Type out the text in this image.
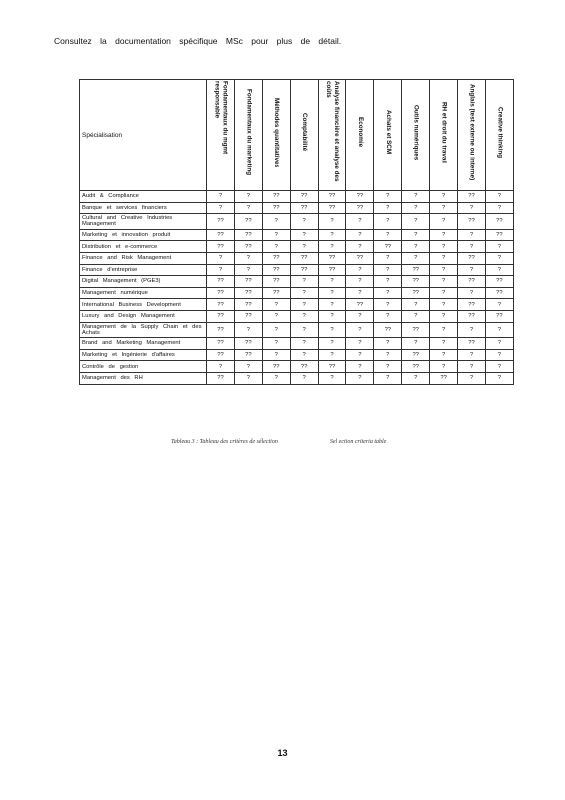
Consultez la documentation spécifique MSc pour plus de détail.
Spécialisation	Fondamentaux du mgmt responsable	Fondamentaux du marketing	Méthodes quantitatives	Comptabilité	Analyse financière et analyse des coûts	Économie	Achats et SCM	Outils numériques	RH et droit du travail	Anglais (test externe ou interne)	Creative thinking
Audit & Compliance	?	?	??	??	??	??	?	?	?	??	?
Banque et services financiers	?	?	??	??	??	??	?	?	?	?	?
Cultural and Creative Industries Management	??	??	?	?	?	?	?	?	?	??	??
Marketing et innovation produit	??	??	?	?	?	?	?	?	?	?	??
Distribution et e-commerce	??	??	?	?	?	?	??	?	?	?	?
Finance and Risk Management	?	?	??	??	??	??	?	?	?	??	?
Finance d'entreprise	?	?	??	??	??	?	?	??	?	?	?
Digital Management (PGE3)	??	??	??	?	?	?	?	??	?	??	??
Management numérique	??	??	??	?	?	?	?	??	?	?	??
International Business Development	??	??	?	?	?	??	?	?	?	??	?
Luxury and Design Management	??	??	?	?	?	?	?	?	?	??	??
Management de la Supply Chain et des Achats	??	?	?	?	?	?	??	??	?	?	?
Brand and Marketing Management	??	??	?	?	?	?	?	?	?	??	?
Marketing et Ingénierie d'affaires	??	??	?	?	?	?	?	??	?	?	?
Contrôle de gestion	?	?	??	??	??	?	?	??	?	?	?
Management des RH	??	?	?	?	?	?	?	?	??	?	?
Tableau 3 : Tableau des critères de sélection	Sel ection criteria table
13
